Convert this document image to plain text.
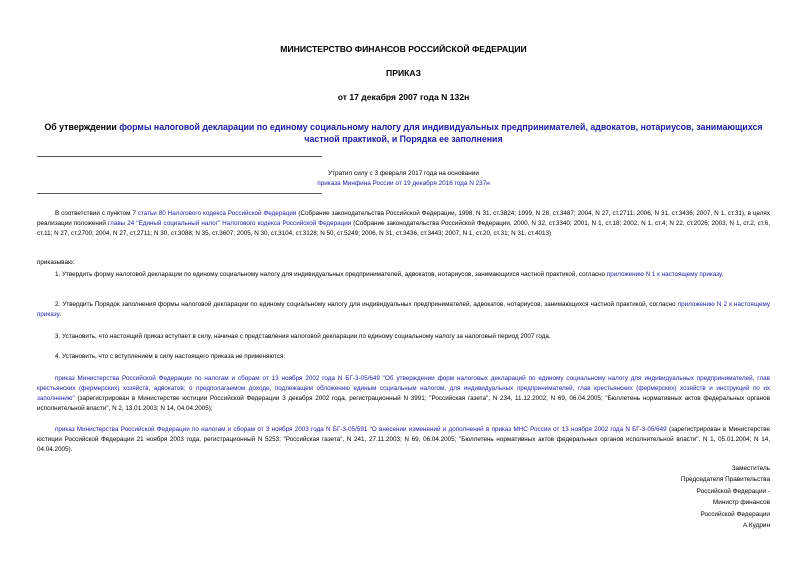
МИНИСТЕРСТВО ФИНАНСОВ РОССИЙСКОЙ ФЕДЕРАЦИИ
ПРИКАЗ
от 17 декабря 2007 года N 132н
Об утверждении формы налоговой декларации по единому социальному налогу для индивидуальных предпринимателей, адвокатов, нотариусов, занимающихся частной практикой, и Порядка ее заполнения
Утратил силу с 3 февраля 2017 года на основании
приказа Минфина России от 19 декабря 2016 года N 237н
В соответствии с пунктом 7 статьи 80 Налогового кодекса Российской Федерации (Собрание законодательства Российской Федерации, 1998, N 31, ст.3824; 1999, N 28, ст.3487; 2004, N 27, ст.2711; 2006, N 31, ст.3436; 2007, N 1, ст.31), в целях реализации положений главы 24 "Единый социальный налог" Налогового кодекса Российской Федерации (Собрание законодательства Российской Федерации, 2000, N 32, ст.3340; 2001, N 1, ст.18; 2002, N 1, ст.4; N 22, ст.2026; 2003, N 1, ст.2, ст.6, ст.11; N 27, ст.2700; 2004, N 27, ст.2711; N 30, ст.3088; N 35, ст.3607; 2005, N 30, ст.3104, ст.3128; N 50, ст.5249; 2006, N 31, ст.3436, ст.3443; 2007, N 1, ст.20, ст.31; N 31, ст.4013)
приказываю:
1. Утвердить форму налоговой декларации по единому социальному налогу для индивидуальных предпринимателей, адвокатов, нотариусов, занимающихся частной практикой, согласно приложению N 1 к настоящему приказу.
2. Утвердить Порядок заполнения формы налоговой декларации по единому социальному налогу для индивидуальных предпринимателей, адвокатов, нотариусов, занимающихся частной практикой, согласно приложению N 2 к настоящему приказу.
3. Установить, что настоящий приказ вступает в силу, начиная с представления налоговой декларации по единому социальному налогу за налоговый период 2007 года.
4. Установить, что с вступлением в силу настоящего приказа не применяются:
приказ Министерства Российской Федерации по налогам и сборам от 13 ноября 2002 года N БГ-3-05/649 "Об утверждении форм налоговых деклараций по единому социальному налогу для индивидуальных предпринимателей, глав крестьянских (фермерских) хозяйств, адвокатов; о предполагаемом доходе, подлежащем обложению единым социальным налогом, для индивидуальных предпринимателей, глав крестьянских (фермерских) хозяйств и инструкций по их заполнению" (зарегистрирован в Министерстве юстиции Российской Федерации 3 декабря 2002 года, регистрационный N 3991; "Российская газета", N 234, 11.12.2002; N 69, 06.04.2005; "Бюллетень нормативных актов федеральных органов исполнительной власти", N 2, 13.01.2003; N 14, 04.04.2005);
приказ Министерства Российской Федерации по налогам и сборам от 3 ноября 2003 года N БГ-3-05/591 "О внесении изменений и дополнений в приказ МНС России от 13 ноября 2002 года N БГ-3-05/649 (зарегистрирован в Министерстве юстиции Российской Федерации 21 ноября 2003 года, регистрационный N 5253; "Российская газета", N 241, 27.11.2003; N 69, 06.04.2005; "Бюллетень нормативных актов федеральных органов исполнительной власти", N 1, 05.01.2004; N 14, 04.04.2005).
Заместитель
Председателя Правительства
Российской Федерации -
Министр финансов
Российской Федерации
А.Кудрин
